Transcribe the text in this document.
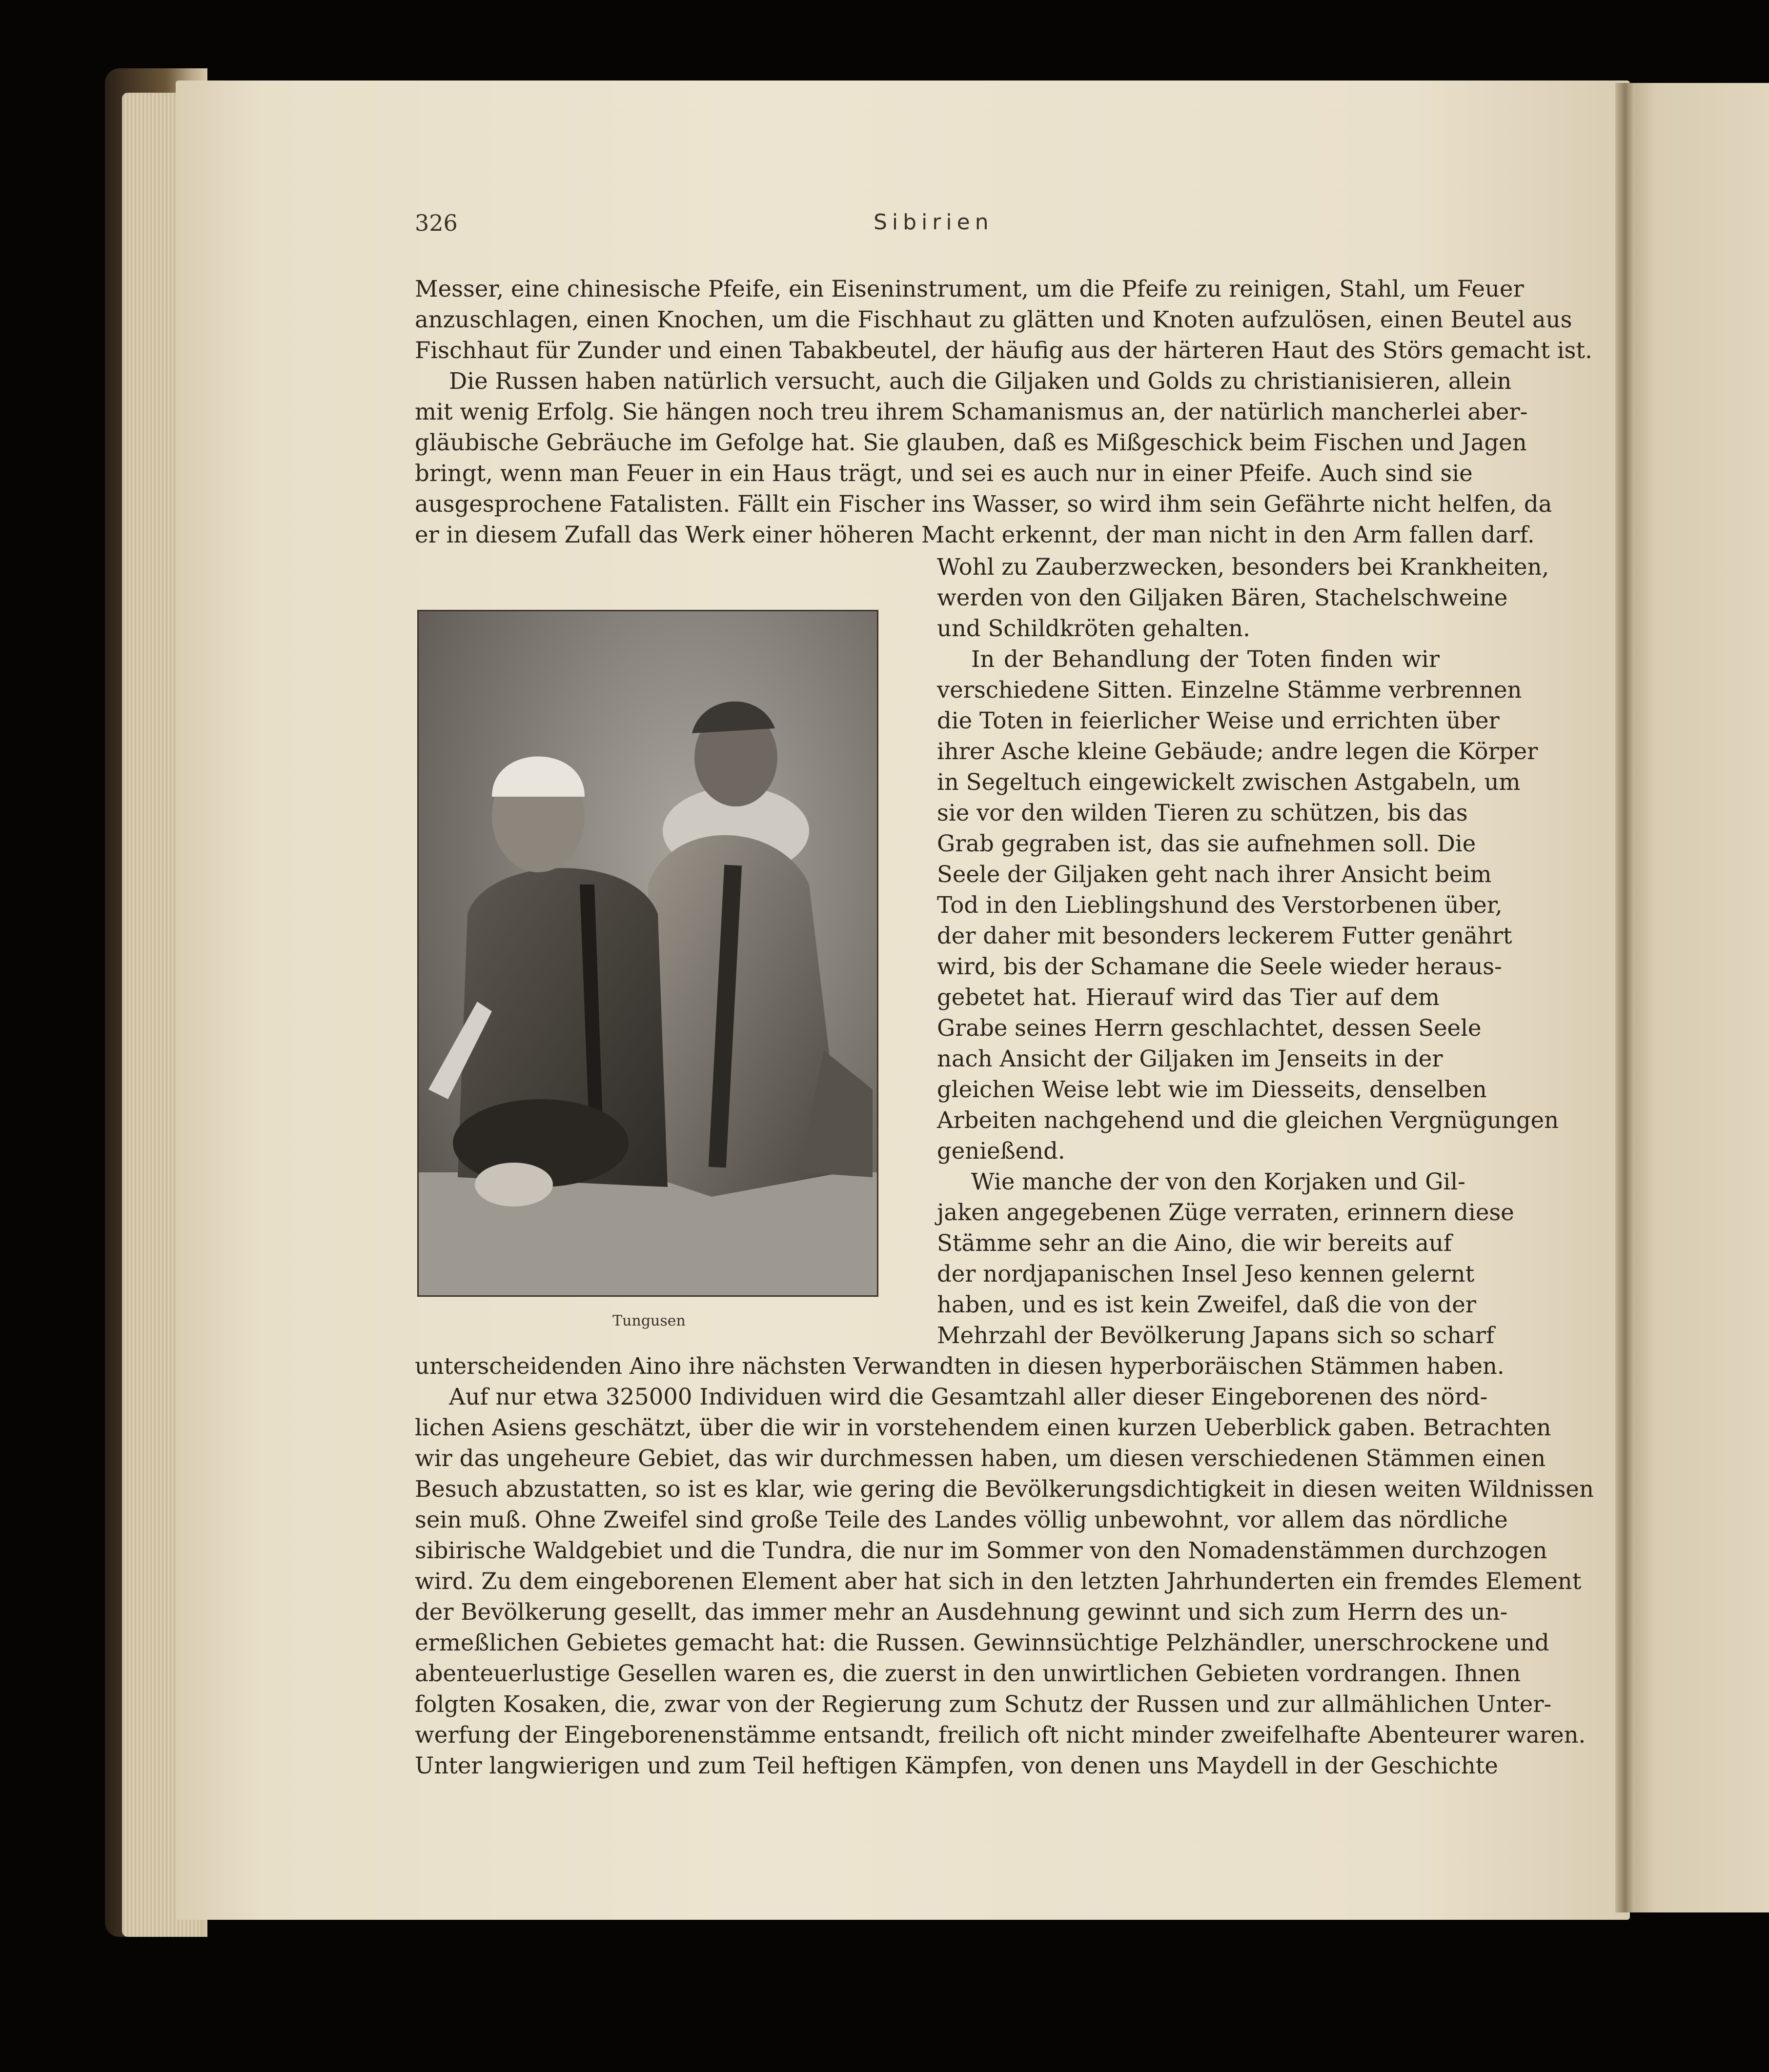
326	Sibirien
Messer, eine chinesische Pfeife, ein Eiseninstrument, um die Pfeife zu reinigen, Stahl, um Feuer
anzuschlagen, einen Knochen, um die Fischhaut zu glätten und Knoten aufzulösen, einen Beutel aus
Fischhaut für Zunder und einen Tabakbeutel, der häufig aus der härteren Haut des Störs gemacht ist.
Die Russen haben natürlich versucht, auch die Giljaken und Golds zu christianisieren, allein
mit wenig Erfolg. Sie hängen noch treu ihrem Schamanismus an, der natürlich mancherlei aber-
gläubische Gebräuche im Gefolge hat. Sie glauben, daß es Mißgeschick beim Fischen und Jagen
bringt, wenn man Feuer in ein Haus trägt, und sei es auch nur in einer Pfeife. Auch sind sie
ausgesprochene Fatalisten. Fällt ein Fischer ins Wasser, so wird ihm sein Gefährte nicht helfen, da
er in diesem Zufall das Werk einer höheren Macht erkennt, der man nicht in den Arm fallen darf.
Tungusen
Wohl zu Zauberzwecken, besonders bei Krankheiten,
werden von den Giljaken Bären, Stachelschweine
und Schildkröten gehalten.
In der Behandlung der Toten finden wir
verschiedene Sitten. Einzelne Stämme verbrennen
die Toten in feierlicher Weise und errichten über
ihrer Asche kleine Gebäude; andre legen die Körper
in Segeltuch eingewickelt zwischen Astgabeln, um
sie vor den wilden Tieren zu schützen, bis das
Grab gegraben ist, das sie aufnehmen soll. Die
Seele der Giljaken geht nach ihrer Ansicht beim
Tod in den Lieblingshund des Verstorbenen über,
der daher mit besonders leckerem Futter genährt
wird, bis der Schamane die Seele wieder heraus-
gebetet hat. Hierauf wird das Tier auf dem
Grabe seines Herrn geschlachtet, dessen Seele
nach Ansicht der Giljaken im Jenseits in der
gleichen Weise lebt wie im Diesseits, denselben
Arbeiten nachgehend und die gleichen Vergnügungen
genießend.
Wie manche der von den Korjaken und Gil-
jaken angegebenen Züge verraten, erinnern diese
Stämme sehr an die Aino, die wir bereits auf
der nordjapanischen Insel Jeso kennen gelernt
haben, und es ist kein Zweifel, daß die von der
Mehrzahl der Bevölkerung Japans sich so scharf
unterscheidenden Aino ihre nächsten Verwandten in diesen hyperboräischen Stämmen haben.
Auf nur etwa 325000 Individuen wird die Gesamtzahl aller dieser Eingeborenen des nörd-
lichen Asiens geschätzt, über die wir in vorstehendem einen kurzen Ueberblick gaben. Betrachten
wir das ungeheure Gebiet, das wir durchmessen haben, um diesen verschiedenen Stämmen einen
Besuch abzustatten, so ist es klar, wie gering die Bevölkerungsdichtigkeit in diesen weiten Wildnissen
sein muß. Ohne Zweifel sind große Teile des Landes völlig unbewohnt, vor allem das nördliche
sibirische Waldgebiet und die Tundra, die nur im Sommer von den Nomadenstämmen durchzogen
wird. Zu dem eingeborenen Element aber hat sich in den letzten Jahrhunderten ein fremdes Element
der Bevölkerung gesellt, das immer mehr an Ausdehnung gewinnt und sich zum Herrn des un-
ermeßlichen Gebietes gemacht hat: die Russen. Gewinnsüchtige Pelzhändler, unerschrockene und
abenteuerlustige Gesellen waren es, die zuerst in den unwirtlichen Gebieten vordrangen. Ihnen
folgten Kosaken, die, zwar von der Regierung zum Schutz der Russen und zur allmählichen Unter-
werfung der Eingeborenenstämme entsandt, freilich oft nicht minder zweifelhafte Abenteurer waren.
Unter langwierigen und zum Teil heftigen Kämpfen, von denen uns Maydell in der Geschichte
